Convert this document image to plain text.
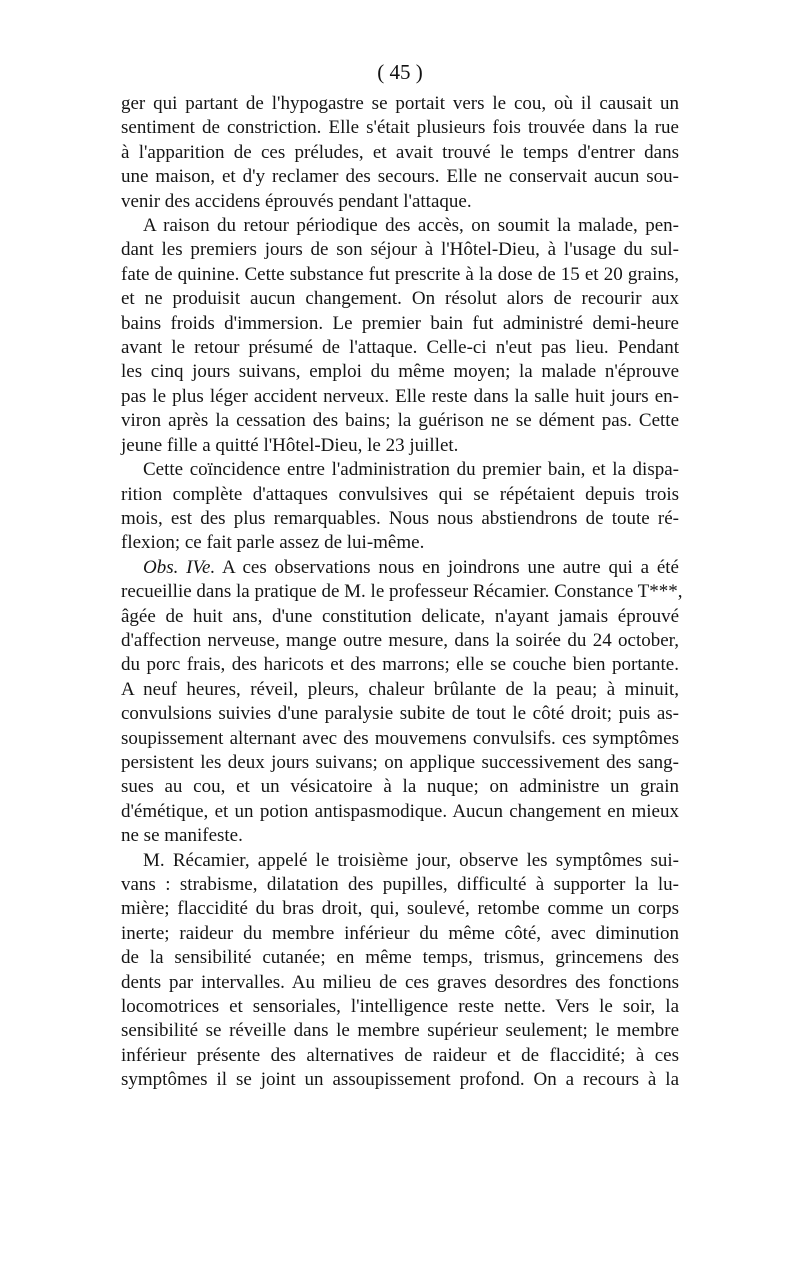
( 45 )
ger qui partant de l'hypogastre se portait vers le cou, où il causait un
sentiment de constriction. Elle s'était plusieurs fois trouvée dans la rue
à l'apparition de ces préludes, et avait trouvé le temps d'entrer dans
une maison, et d'y reclamer des secours. Elle ne conservait aucun sou-
venir des accidens éprouvés pendant l'attaque.
A raison du retour périodique des accès, on soumit la malade, pen-
dant les premiers jours de son séjour à l'Hôtel-Dieu, à l'usage du sul-
fate de quinine. Cette substance fut prescrite à la dose de 15 et 20 grains,
et ne produisit aucun changement. On résolut alors de recourir aux
bains froids d'immersion. Le premier bain fut administré demi-heure
avant le retour présumé de l'attaque. Celle-ci n'eut pas lieu. Pendant
les cinq jours suivans, emploi du même moyen; la malade n'éprouve
pas le plus léger accident nerveux. Elle reste dans la salle huit jours en-
viron après la cessation des bains; la guérison ne se dément pas. Cette
jeune fille a quitté l'Hôtel-Dieu, le 23 juillet.
Cette coïncidence entre l'administration du premier bain, et la dispa-
rition complète d'attaques convulsives qui se répétaient depuis trois
mois, est des plus remarquables. Nous nous abstiendrons de toute ré-
flexion; ce fait parle assez de lui-même.
Obs. IVe. A ces observations nous en joindrons une autre qui a été
recueillie dans la pratique de M. le professeur Récamier. Constance T***,
âgée de huit ans, d'une constitution delicate, n'ayant jamais éprouvé
d'affection nerveuse, mange outre mesure, dans la soirée du 24 october,
du porc frais, des haricots et des marrons; elle se couche bien portante.
A neuf heures, réveil, pleurs, chaleur brûlante de la peau; à minuit,
convulsions suivies d'une paralysie subite de tout le côté droit; puis as-
soupissement alternant avec des mouvemens convulsifs. ces symptômes
persistent les deux jours suivans; on applique successivement des sang-
sues au cou, et un vésicatoire à la nuque; on administre un grain
d'émétique, et un potion antispasmodique. Aucun changement en mieux
ne se manifeste.
M. Récamier, appelé le troisième jour, observe les symptômes sui-
vans : strabisme, dilatation des pupilles, difficulté à supporter la lu-
mière; flaccidité du bras droit, qui, soulevé, retombe comme un corps
inerte; raideur du membre inférieur du même côté, avec diminution
de la sensibilité cutanée; en même temps, trismus, grincemens des
dents par intervalles. Au milieu de ces graves desordres des fonctions
locomotrices et sensoriales, l'intelligence reste nette. Vers le soir, la
sensibilité se réveille dans le membre supérieur seulement; le membre
inférieur présente des alternatives de raideur et de flaccidité; à ces
symptômes il se joint un assoupissement profond. On a recours à la
